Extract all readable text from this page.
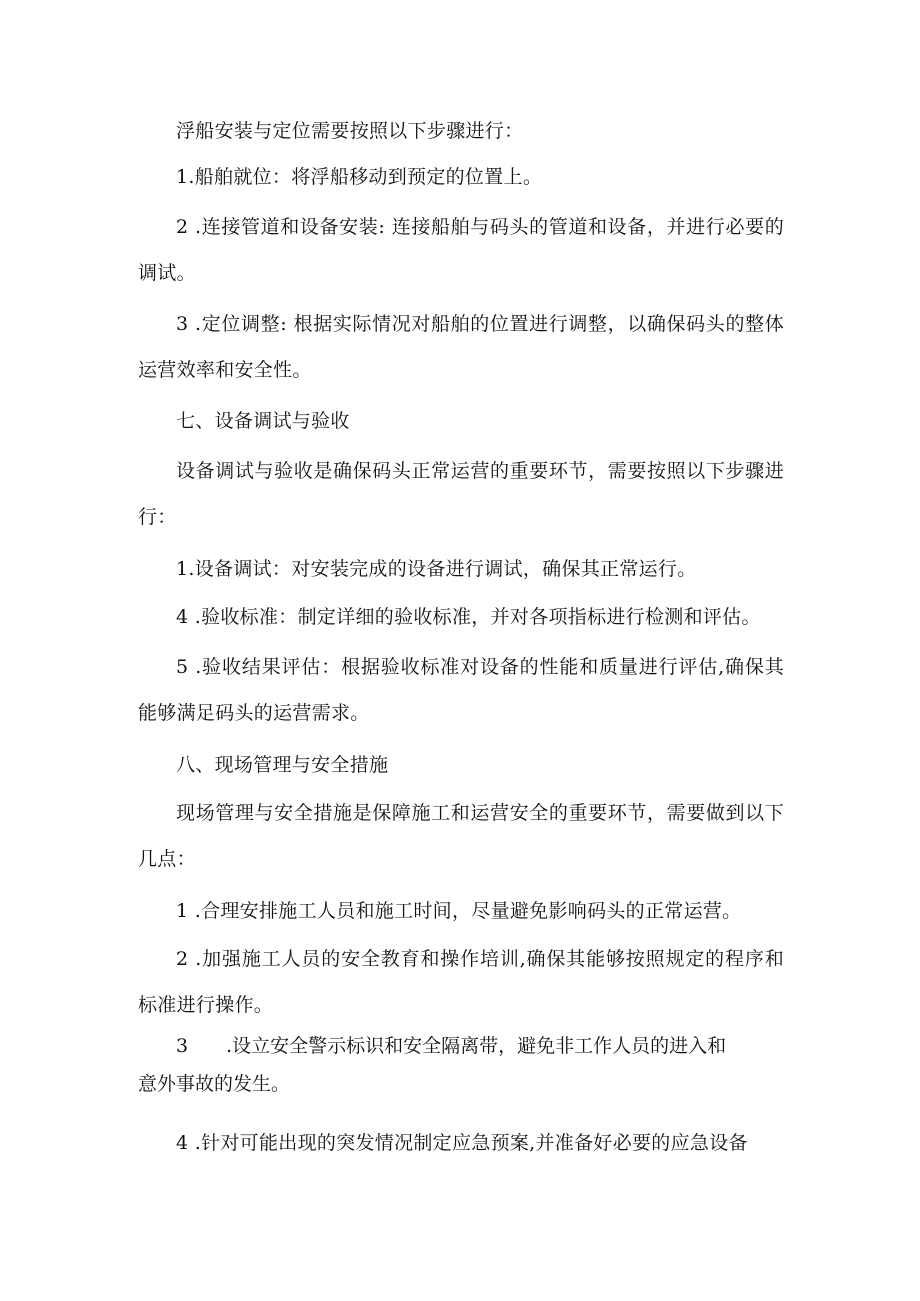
浮船安装与定位需要按照以下步骤进行：

1.船舶就位：将浮船移动到预定的位置上。

2 .连接管道和设备安装: 连接船舶与码头的管道和设备，并进行必要的调试。

3 .定位调整: 根据实际情况对船舶的位置进行调整，以确保码头的整体运营效率和安全性。

七、设备调试与验收

设备调试与验收是确保码头正常运营的重要环节，需要按照以下步骤进行：

1.设备调试：对安装完成的设备进行调试，确保其正常运行。

4 .验收标准：制定详细的验收标准，并对各项指标进行检测和评估。

5 .验收结果评估：根据验收标准对设备的性能和质量进行评估,确保其能够满足码头的运营需求。

八、现场管理与安全措施

现场管理与安全措施是保障施工和运营安全的重要环节，需要做到以下几点：

1 .合理安排施工人员和施工时间，尽量避免影响码头的正常运营。

2 .加强施工人员的安全教育和操作培训,确保其能够按照规定的程序和标准进行操作。

3　　.设立安全警示标识和安全隔离带，避免非工作人员的进入和

意外事故的发生。

4 .针对可能出现的突发情况制定应急预案,并准备好必要的应急设备
